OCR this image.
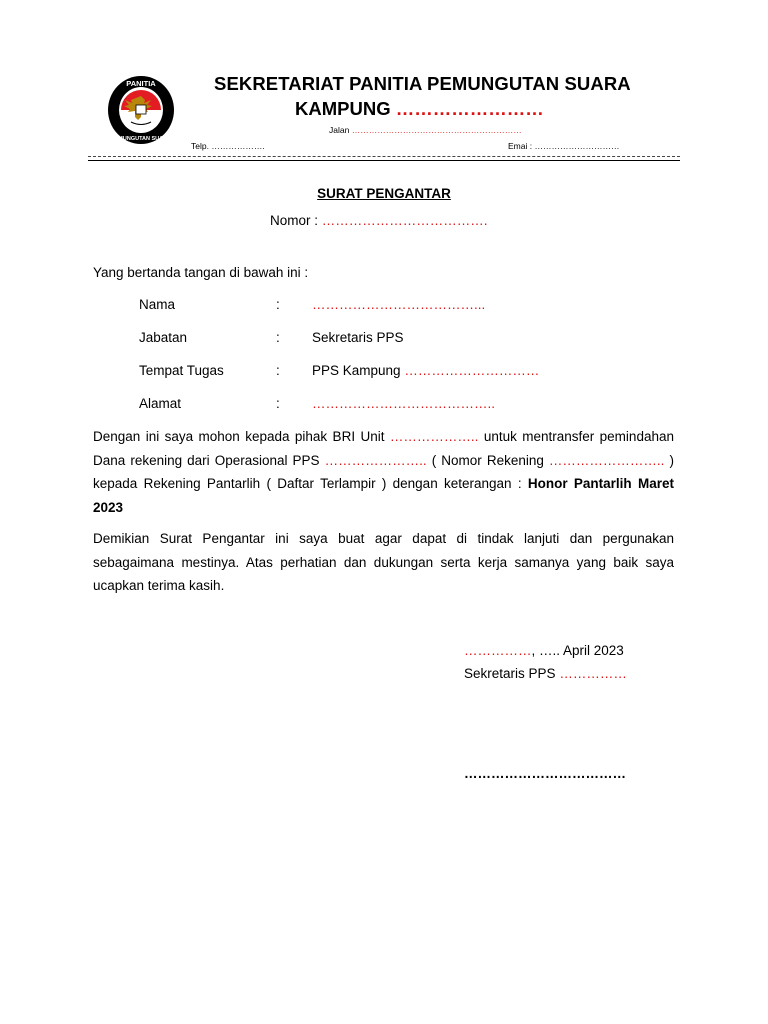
PANITIA
PEMUNGUTAN SUARA
SEKRETARIAT PANITIA PEMUNGUTAN SUARA
KAMPUNG ……………………
Jalan ……………………………………………………
Telp. ……………….	Emai : …………………………
SURAT PENGANTAR
Nomor : ……………………………….
Yang bertanda tangan di bawah ini :
Nama	: ………………………………...
Jabatan	: Sekretaris PPS
Tempat Tugas	: PPS Kampung …………………………
Alamat	: …………………………………..
Dengan ini saya mohon kepada pihak BRI Unit ……………….. untuk mentransfer pemindahan Dana rekening dari Operasional PPS ………………….. ( Nomor Rekening …………………….. ) kepada Rekening Pantarlih ( Daftar Terlampir ) dengan keterangan : Honor Pantarlih Maret 2023
Demikian Surat Pengantar ini saya buat agar dapat di tindak lanjuti dan pergunakan sebagaimana mestinya. Atas perhatian dan dukungan serta kerja samanya yang baik saya ucapkan terima kasih.
……………, ….. April 2023
Sekretaris PPS ……………
………………………………
